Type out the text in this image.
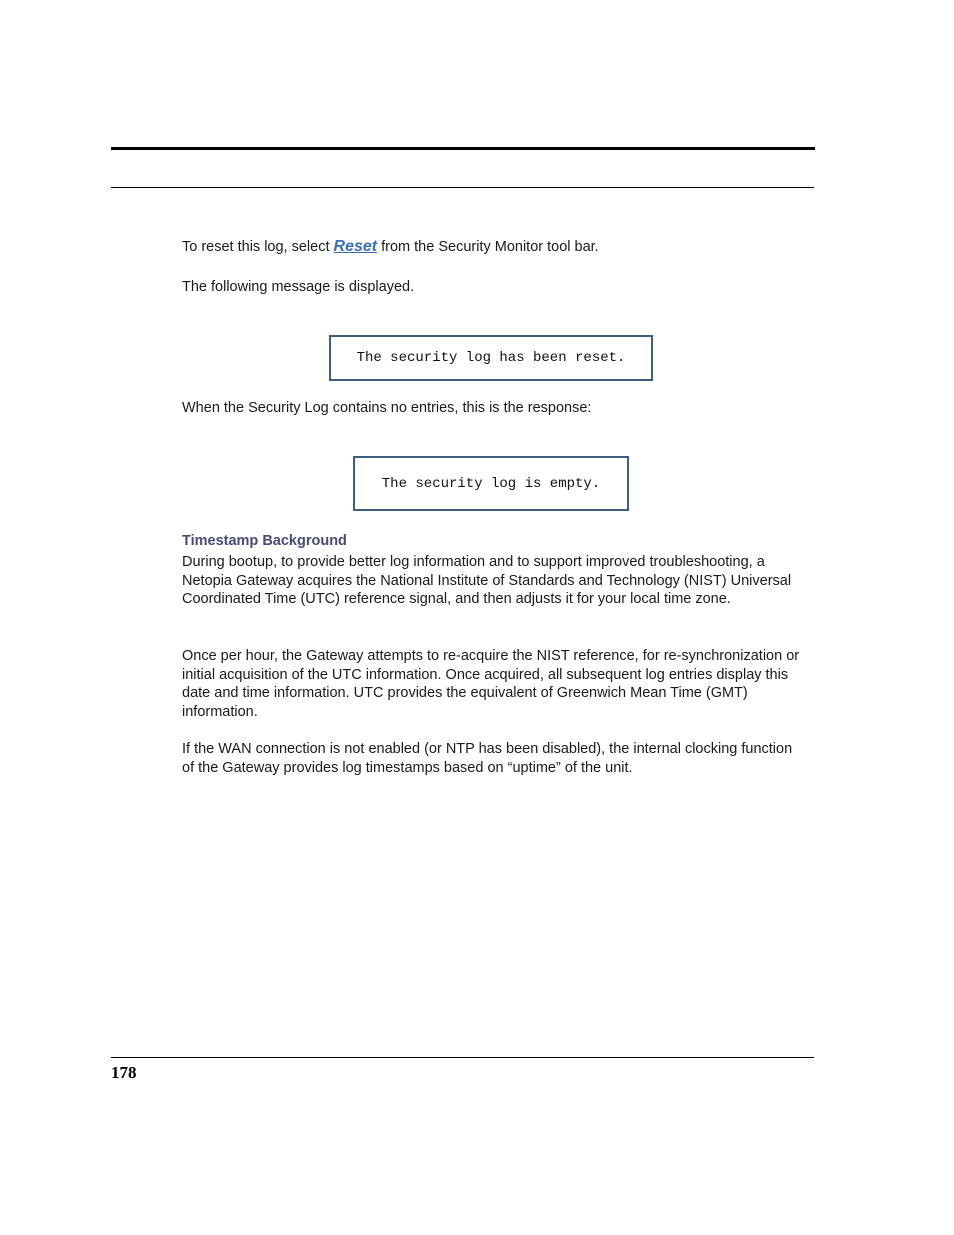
To reset this log, select Reset from the Security Monitor tool bar.

The following message is displayed.

The security log has been reset.

When the Security Log contains no entries, this is the response:

The security log is empty.
Timestamp Background

During bootup, to provide better log information and to support improved troubleshooting, a Netopia Gateway acquires the National Institute of Standards and Technology (NIST) Universal Coordinated Time (UTC) reference signal, and then adjusts it for your local time zone.

Once per hour, the Gateway attempts to re-acquire the NIST reference, for re-synchronization or initial acquisition of the UTC information. Once acquired, all subsequent log entries display this date and time information. UTC provides the equivalent of Greenwich Mean Time (GMT) information.

If the WAN connection is not enabled (or NTP has been disabled), the internal clocking function of the Gateway provides log timestamps based on “uptime” of the unit.

178
